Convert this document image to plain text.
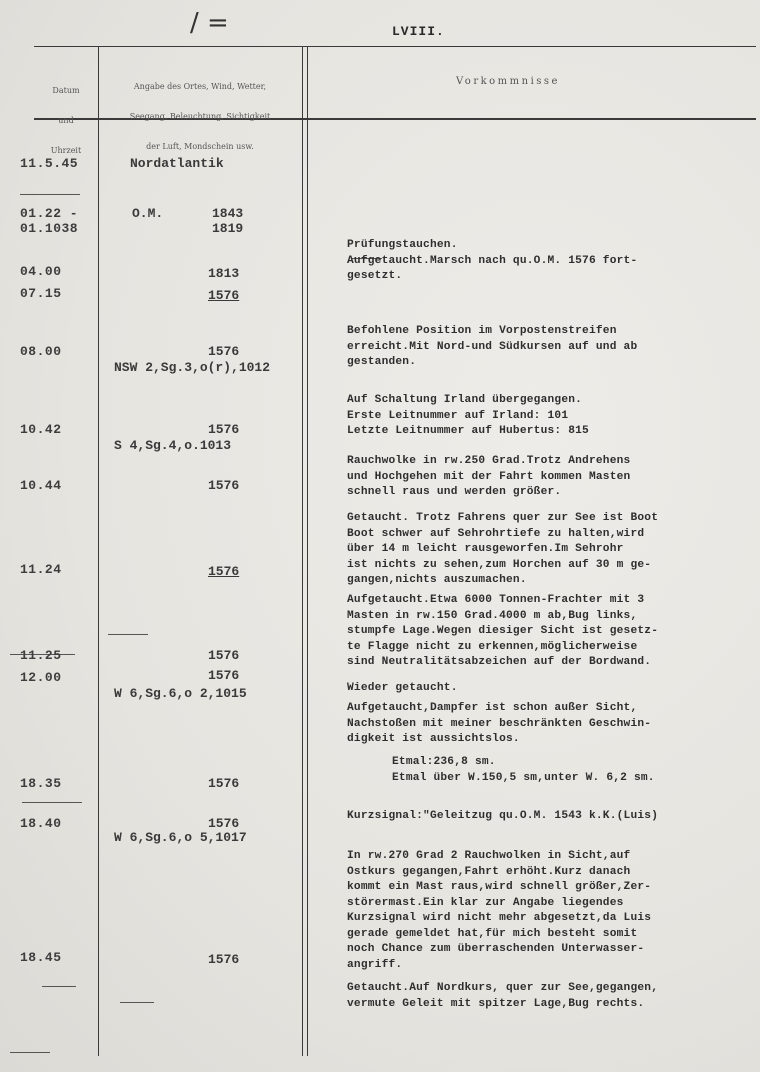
/ =	LVIII.

Datum

und

Uhrzeit

Angabe des Ortes, Wind, Wetter,

Seegang, Beleuchtung, Sichtigkeit

der Luft, Mondschein usw.

Vorkommnisse
11.5.45	Nordatlantik
01.22 -
01.1038
O.M.	1843
1819

Prüfungstauchen.
Aufgetaucht.Marsch nach qu.O.M. 1576 fort-
gesetzt.

04.00	1813
07.15	1576

Befohlene Position im Vorpostenstreifen
erreicht.Mit Nord-und Südkursen auf und ab
gestanden.

08.00	1576
NSW 2,Sg.3,o(r),1012

Auf Schaltung Irland übergegangen.
Erste Leitnummer auf Irland: 101
Letzte Leitnummer auf Hubertus: 815

10.42	1576
S 4,Sg.4,o.1013

Rauchwolke in rw.250 Grad.Trotz Andrehens
und Hochgehen mit der Fahrt kommen Masten
schnell raus und werden größer.

10.44	1576

Getaucht. Trotz Fahrens quer zur See ist Boot
Boot schwer auf Sehrohrtiefe zu halten,wird
über 14 m leicht rausgeworfen.Im Sehrohr
ist nichts zu sehen,zum Horchen auf 30 m ge-
gangen,nichts auszumachen.

11.24	1576

Aufgetaucht.Etwa 6000 Tonnen-Frachter mit 3
Masten in rw.150 Grad.4000 m ab,Bug links,
stumpfe Lage.Wegen diesiger Sicht ist gesetz-
te Flagge nicht zu erkennen,möglicherweise
sind Neutralitätsabzeichen auf der Bordwand.

11.25	1576

Wieder getaucht.

12.00	1576
W 6,Sg.6,o 2,1015

Aufgetaucht,Dampfer ist schon außer Sicht,
Nachstoßen mit meiner beschränkten Geschwin-
digkeit ist aussichtslos.

Etmal:236,8 sm.
Etmal über W.150,5 sm,unter W. 6,2 sm.

18.35	1576

Kurzsignal:"Geleitzug qu.O.M. 1543 k.K.(Luis)

18.40	1576
W 6,Sg.6,o 5,1017

In rw.270 Grad 2 Rauchwolken in Sicht,auf
Ostkurs gegangen,Fahrt erhöht.Kurz danach
kommt ein Mast raus,wird schnell größer,Zer-
störermast.Ein klar zur Angabe liegendes
Kurzsignal wird nicht mehr abgesetzt,da Luis
gerade gemeldet hat,für mich besteht somit
noch Chance zum überraschenden Unterwasser-
angriff.

18.45	1576

Getaucht.Auf Nordkurs, quer zur See,gegangen,
vermute Geleit mit spitzer Lage,Bug rechts.
